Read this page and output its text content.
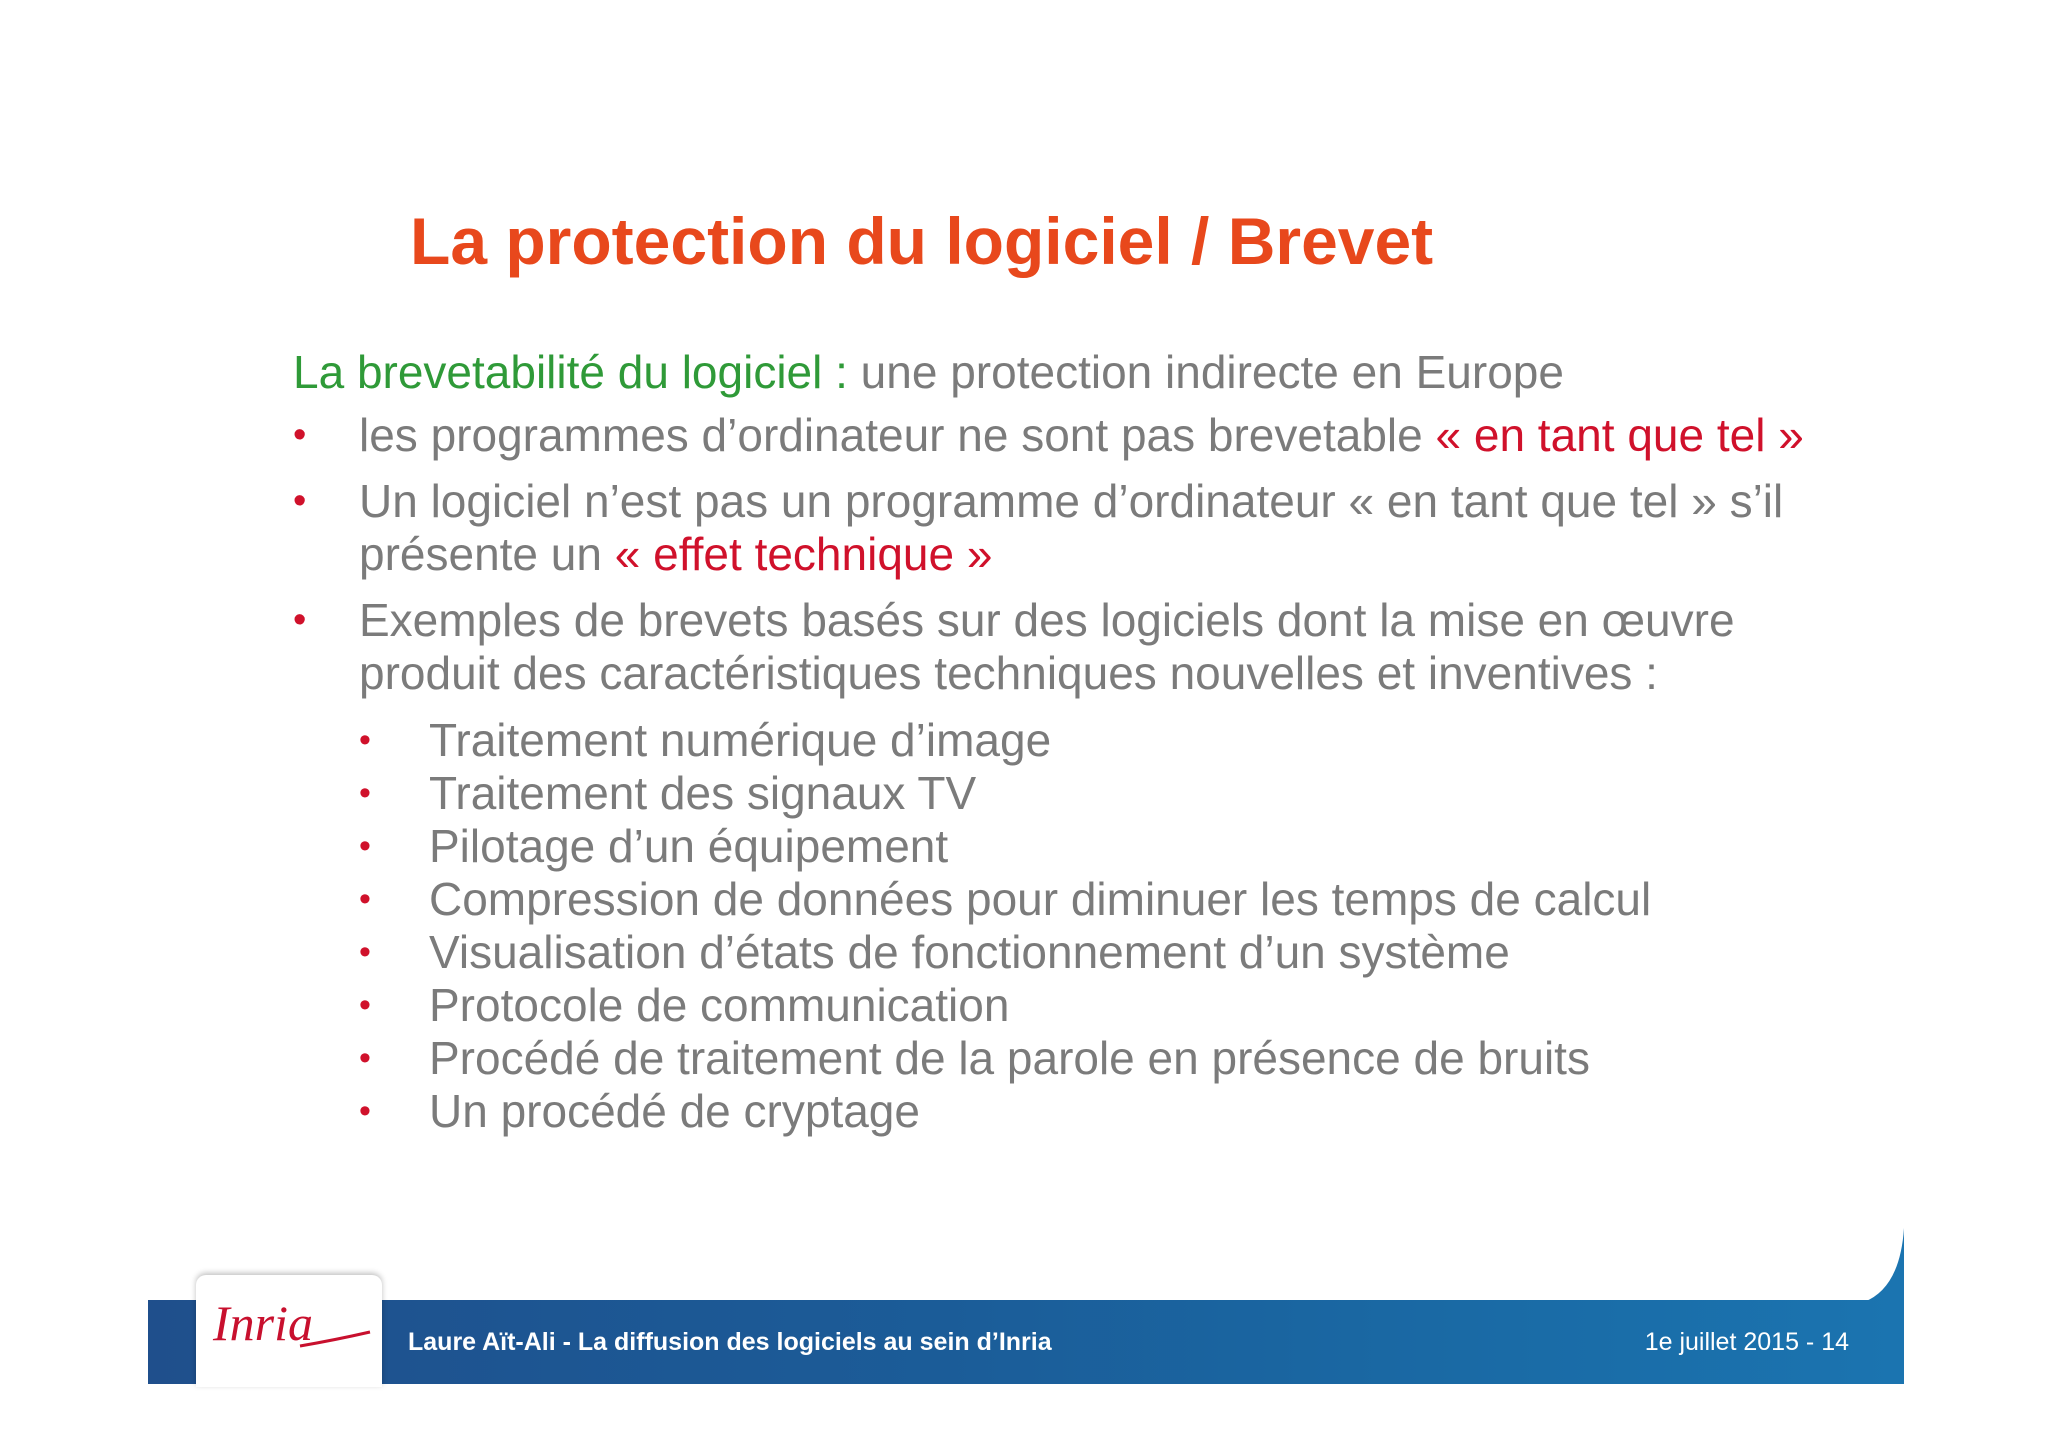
La protection du logiciel / Brevet

La brevetabilité du logiciel : une protection indirecte en Europe

• les programmes d’ordinateur ne sont pas brevetable « en tant que tel »
• Un logiciel n’est pas un programme d’ordinateur « en tant que tel » s’il présente un « effet technique »
• Exemples de brevets basés sur des logiciels dont la mise en œuvre produit des caractéristiques techniques nouvelles et inventives :
• Traitement numérique d’image
• Traitement des signaux TV
• Pilotage d’un équipement
• Compression de données pour diminuer les temps de calcul
• Visualisation d’états de fonctionnement d’un système
• Protocole de communication
• Procédé de traitement de la parole en présence de bruits
• Un procédé de cryptage
Inria	Laure Aït-Ali - La diffusion des logiciels au sein d’Inria	1e juillet 2015 - 14
